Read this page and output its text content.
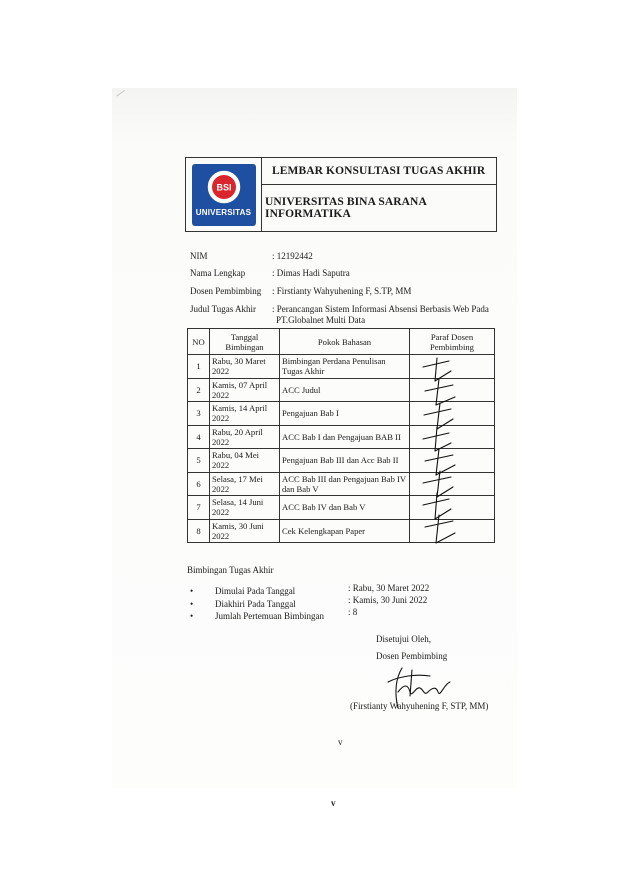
BSI
UNIVERSITAS
LEMBAR KONSULTASI TUGAS AKHIR
UNIVERSITAS BINA SARANA INFORMATIKA
NIM	: 12192442
Nama Lengkap	: Dimas Hadi Saputra
Dosen Pembimbing : Firstianty Wahyuhening F, S.TP, MM
Judul Tugas Akhir : Perancangan Sistem Informasi Absensi Berbasis Web Pada
PT.Globalnet Multi Data
NO	Tanggal Bimbingan	Pokok Bahasan	Paraf Dosen Pembimbing
1	Rabu, 30 Maret 2022	Bimbingan Perdana Penulisan Tugas Akhir	
2	Kamis, 07 April 2022	ACC Judul	
3	Kamis, 14 April 2022	Pengajuan Bab I	
4	Rabu, 20 April 2022	ACC Bab I dan Pengajuan BAB II	
5	Rabu, 04 Mei 2022	Pengajuan Bab III dan Acc Bab II	
6	Selasa, 17 Mei 2022	ACC Bab III dan Pengajuan Bab IV dan Bab V	
7	Selasa, 14 Juni 2022	ACC Bab IV dan Bab V	
8	Kamis, 30 Juni 2022	Cek Kelengkapan Paper	
Bimbingan Tugas Akhir
• Dimulai Pada Tanggal	: Rabu, 30 Maret 2022
• Diakhiri Pada Tanggal	: Kamis, 30 Juni 2022
• Jumlah Pertemuan Bimbingan	: 8
Disetujui Oleh,
Dosen Pembimbing
(Firstianty Wahyuhening F, STP, MM)
v
v
